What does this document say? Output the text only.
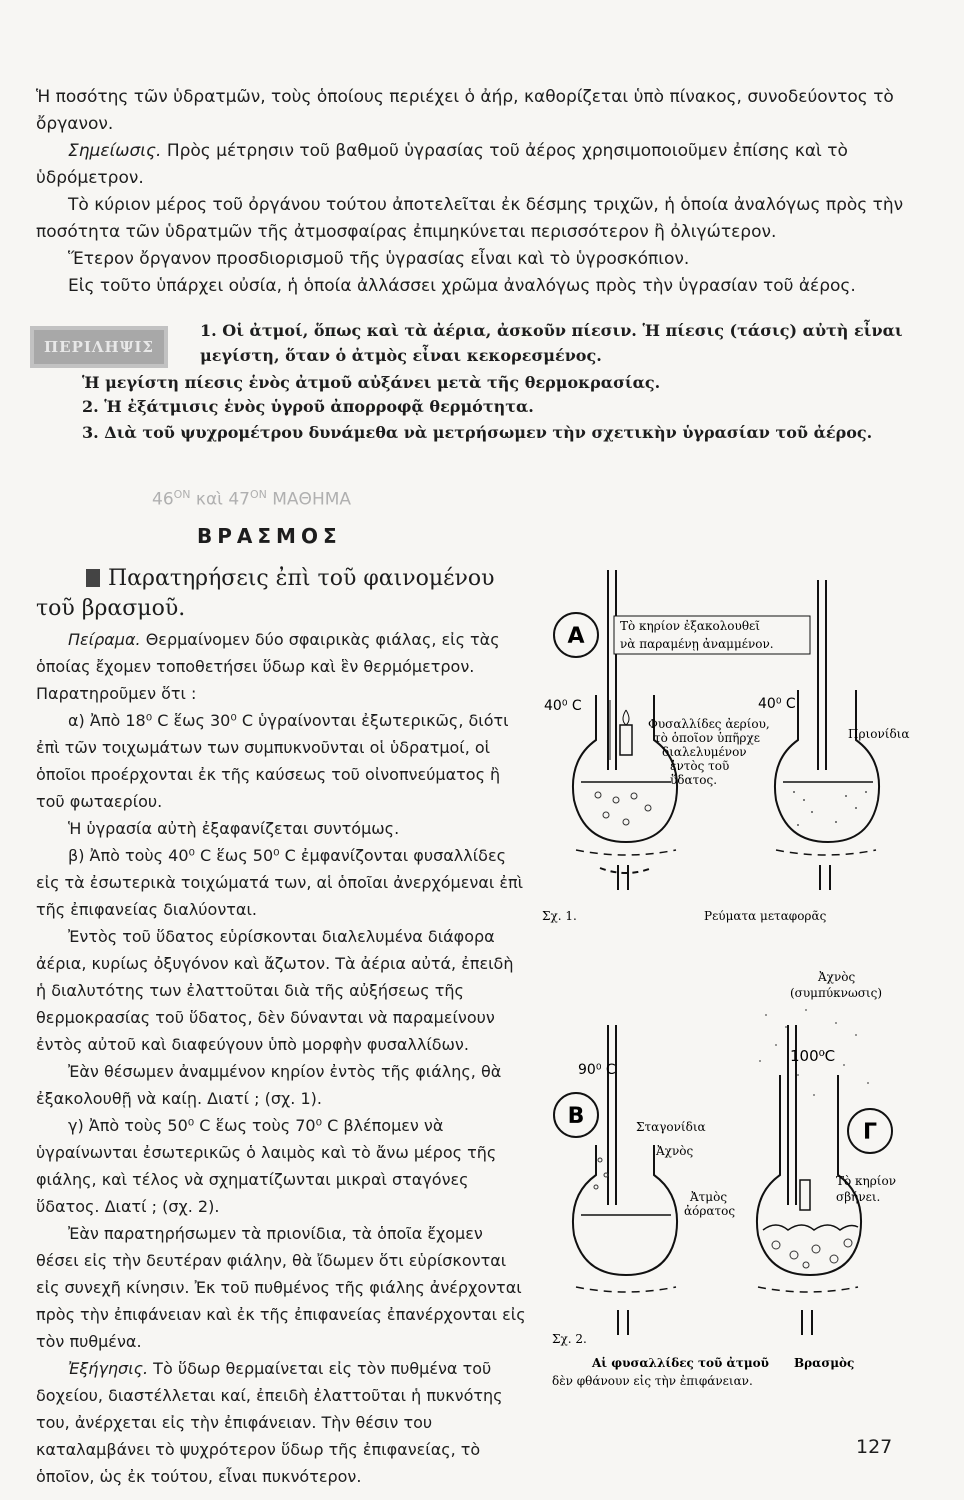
Ἡ ποσότης τῶν ὑδρατμῶν, τοὺς ὁποίους περιέχει ὁ ἀήρ, καθορίζεται ὑπὸ πίνακος, συνοδεύοντος τὸ ὄργανον.

Σημείωσις. Πρὸς μέτρησιν τοῦ βαθμοῦ ὑγρασίας τοῦ ἀέρος χρησιμοποιοῦμεν ἐπίσης καὶ τὸ ὑδρόμετρον.

Τὸ κύριον μέρος τοῦ ὀργάνου τούτου ἀποτελεῖται ἐκ δέσμης τριχῶν, ἡ ὁποία ἀναλόγως πρὸς τὴν ποσότητα τῶν ὑδρατμῶν τῆς ἀτμοσφαίρας ἐπιμηκύνεται περισσότερον ἢ ὀλιγώτερον.

Ἕτερον ὄργανον προσδιορισμοῦ τῆς ὑγρασίας εἶναι καὶ τὸ ὑγροσκόπιον.

Εἰς τοῦτο ὑπάρχει οὐσία, ἡ ὁποία ἀλλάσσει χρῶμα ἀναλόγως πρὸς τὴν ὑγρασίαν τοῦ ἀέρος.

ΠΕΡΙΛΗΨΙΣ
1. Οἱ ἀτμοί, ὅπως καὶ τὰ ἀέρια, ἀσκοῦν πίεσιν. Ἡ πίεσις (τάσις) αὐτὴ εἶναι μεγίστη, ὅταν ὁ ἀτμὸς εἶναι κεκορεσμένος.
Ἡ μεγίστη πίεσις ἑνὸς ἀτμοῦ αὐξάνει μετὰ τῆς θερμοκρασίας.
2. Ἡ ἐξάτμισις ἑνὸς ὑγροῦ ἀπορροφᾷ θερμότητα.
3. Διὰ τοῦ ψυχρομέτρου δυνάμεθα νὰ μετρήσωμεν τὴν σχετικὴν ὑγρασίαν τοῦ ἀέρος.
$46^{ON}$ καὶ $47^{ON}$ ΜΑΘΗΜΑ
ΒΡΑΣΜΟΣ
Παρατηρήσεις ἐπὶ τοῦ φαινομένου τοῦ βρασμοῦ.

Πείραμα. Θερμαίνομεν δύο σφαιρικὰς φιάλας, εἰς τὰς ὁποίας ἔχομεν τοποθετήσει ὕδωρ καὶ ἓν θερμόμετρον. Παρατηροῦμεν ὅτι :

α) Ἀπὸ 18⁰ C ἕως 30⁰ C ὑγραίνονται ἐξωτερικῶς, διότι ἐπὶ τῶν τοιχωμάτων των συμπυκνοῦνται οἱ ὑδρατμοί, οἱ ὁποῖοι προέρχονται ἐκ τῆς καύσεως τοῦ οἰνοπνεύματος ἢ τοῦ φωταερίου.

Ἡ ὑγρασία αὐτὴ ἐξαφανίζεται συντόμως.

β) Ἀπὸ τοὺς 40⁰ C ἕως 50⁰ C ἐμφανίζονται φυσαλλίδες εἰς τὰ ἐσωτερικὰ τοιχώματά των, αἱ ὁποῖαι ἀνερχόμεναι ἐπὶ τῆς ἐπιφανείας διαλύονται.

Ἐντὸς τοῦ ὕδατος εὑρίσκονται διαλελυμένα διάφορα ἀέρια, κυρίως ὀξυγόνον καὶ ἄζωτον. Τὰ ἀέρια αὐτά, ἐπειδὴ ἡ διαλυτότης των ἐλαττοῦται διὰ τῆς αὐξήσεως τῆς θερμοκρασίας τοῦ ὕδατος, δὲν δύνανται νὰ παραμείνουν ἐντὸς αὐτοῦ καὶ διαφεύγουν ὑπὸ μορφὴν φυσαλλίδων.

Ἐὰν θέσωμεν ἀναμμένον κηρίον ἐντὸς τῆς φιάλης, θὰ ἐξακολουθῇ νὰ καίῃ. Διατί ; (σχ. 1).

γ) Ἀπὸ τοὺς 50⁰ C ἕως τοὺς 70⁰ C βλέπομεν νὰ ὑγραίνωνται ἐσωτερικῶς ὁ λαιμὸς καὶ τὸ ἄνω μέρος τῆς φιάλης, καὶ τέλος νὰ σχηματίζωνται μικραὶ σταγόνες ὕδατος. Διατί ; (σχ. 2).

Ἐὰν παρατηρήσωμεν τὰ πριονίδια, τὰ ὁποῖα ἔχομεν θέσει εἰς τὴν δευτέραν φιάλην, θὰ ἴδωμεν ὅτι εὑρίσκονται εἰς συνεχῆ κίνησιν. Ἐκ τοῦ πυθμένος τῆς φιάλης ἀνέρχονται πρὸς τὴν ἐπιφάνειαν καὶ ἐκ τῆς ἐπιφανείας ἐπανέρχονται εἰς τὸν πυθμένα.

Ἐξήγησις. Τὸ ὕδωρ θερμαίνεται εἰς τὸν πυθμένα τοῦ δοχείου, διαστέλλεται καί, ἐπειδὴ ἐλαττοῦται ἡ πυκνότης του, ἀνέρχεται εἰς τὴν ἐπιφάνειαν. Τὴν θέσιν του καταλαμβάνει τὸ ψυχρότερον ὕδωρ τῆς ἐπιφανείας, τὸ ὁποῖον, ὡς ἐκ τούτου, εἶναι πυκνότερον.

Α	Τὸ κηρίον ἐξακολουθεῖ
νὰ παραμένῃ ἀναμμένον.
40⁰ C	40⁰ C
Φυσαλλίδες ἀερίου,
τὸ ὁποῖον ὑπῆρχε
διαλελυμένον
ἐντὸς τοῦ
ὕδατος.
Πριονίδια
Σχ. 1.	Ρεύματα μεταφορᾶς
Ἀχνὸς
(συμπύκνωσις)
90⁰ C
100⁰C
Β
Γ
Σταγονίδια
Ἀχνὸς
Ἀτμὸς
ἀόρατος
Τὸ κηρίον
σβήνει.
Σχ. 2.
Αἱ φυσαλλίδες τοῦ ἀτμοῦ
δὲν φθάνουν εἰς τὴν ἐπιφάνειαν.
Βρασμὸς
127
